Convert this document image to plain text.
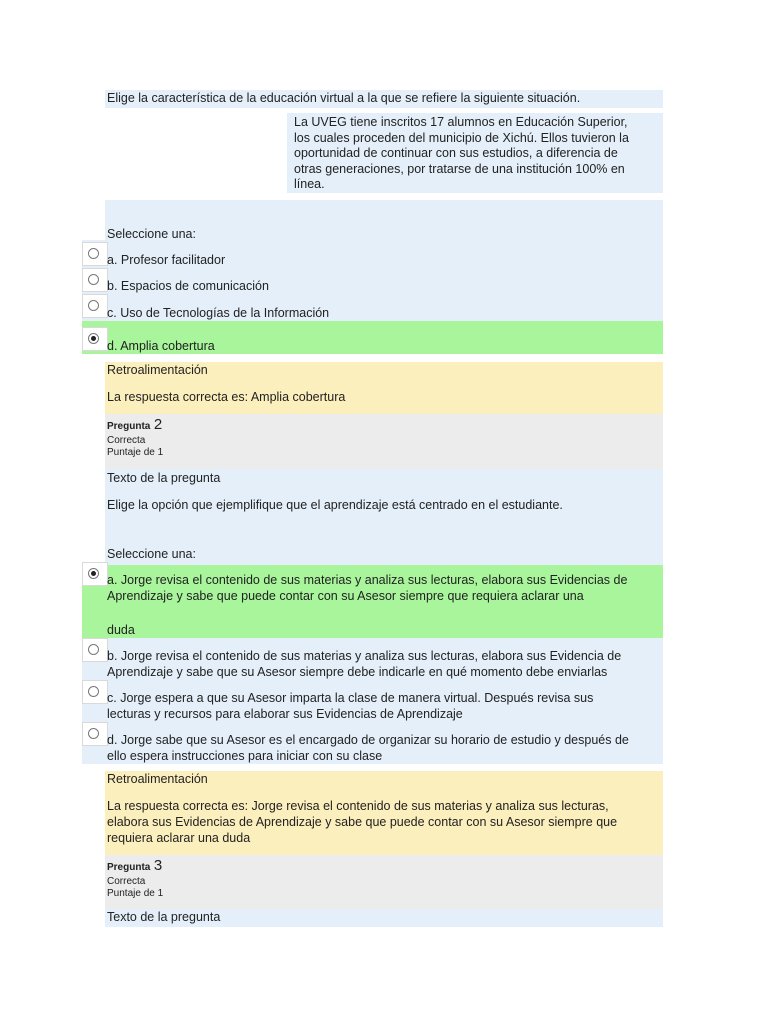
Elige la característica de la educación virtual a la que se refiere la siguiente situación.
La UVEG tiene inscritos 17 alumnos en Educación Superior,
los cuales proceden del municipio de Xichú. Ellos tuvieron la
oportunidad de continuar con sus estudios, a diferencia de
otras generaciones, por tratarse de una institución 100% en
línea.
Seleccione una:
a. Profesor facilitador
b. Espacios de comunicación
c. Uso de Tecnologías de la Información
d. Amplia cobertura
Retroalimentación
La respuesta correcta es: Amplia cobertura
Pregunta 2
Correcta
Puntaje de 1
Texto de la pregunta
Elige la opción que ejemplifique que el aprendizaje está centrado en el estudiante.
Seleccione una:
a. Jorge revisa el contenido de sus materias y analiza sus lecturas, elabora sus Evidencias de
Aprendizaje y sabe que puede contar con su Asesor siempre que requiera aclarar una
duda
b. Jorge revisa el contenido de sus materias y analiza sus lecturas, elabora sus Evidencia de
Aprendizaje y sabe que su Asesor siempre debe indicarle en qué momento debe enviarlas
c. Jorge espera a que su Asesor imparta la clase de manera virtual. Después revisa sus
lecturas y recursos para elaborar sus Evidencias de Aprendizaje
d. Jorge sabe que su Asesor es el encargado de organizar su horario de estudio y después de
ello espera instrucciones para iniciar con su clase
Retroalimentación
La respuesta correcta es: Jorge revisa el contenido de sus materias y analiza sus lecturas,
elabora sus Evidencias de Aprendizaje y sabe que puede contar con su Asesor siempre que
requiera aclarar una duda
Pregunta 3
Correcta
Puntaje de 1
Texto de la pregunta
